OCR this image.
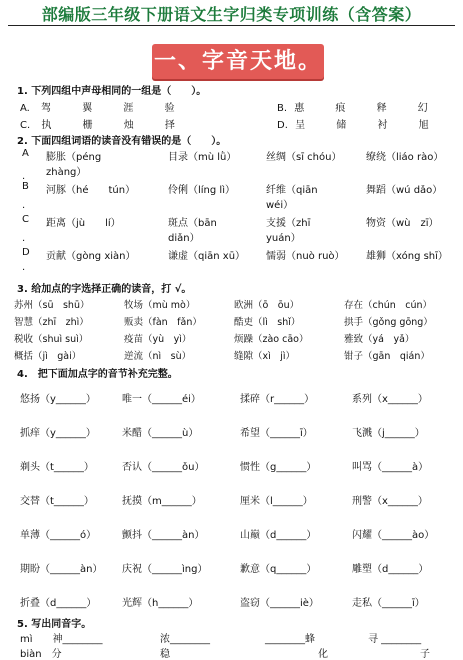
部编版三年级下册语文生字归类专项训练（含答案）
一、字音天地。
1. 下列四组中声母相同的一组是（　　）。
A. 驾	翼	涯	验	B. 惠	痕	释	幻
C. 执	栅	烛	择	D. 呈	储	衬	旭
2. 下面四组词语的读音没有错误的是（　　）。
A 膨胀（péng	目录（mù lǜ）	丝绸（sī chóu） 缭绕（liáo rào）
zhàng）
.
B 河豚（hé　　tún）	伶俐（líng lì）	纤维（qiān	舞蹈（wú dǎo）
wéi）
.
C 距离（jù　　lí）	斑点（bān	支援（zhī	物资（wù　zī）
diǎn）	yuán）
.
D 贡献（gòng xiàn）	谦虚（qiān xū） 懦弱（nuò ruò） 雄狮（xóng shī）
.
3. 给加点的字选择正确的读音，打 √。
苏州（sū　shū）	牧场（mù mò）	欧洲（ō　ōu）	存在（chún　cún）
智慧（zhī　zhì）	贩卖（fàn　fǎn）	酷吏（lì　shǐ）	拱手（gǒng gōng）
税收（shuì suì）	疫苗（yù　yì）	烦躁（zào cāo）	雅致（yá　yǎ）
概括（jì　gài）	逆流（nì　sù）	缝隙（xì　jì）	钳子（gān　qián）
4.　把下面加点字的音节补充完整。
悠扬（y______）	唯一（______éi）	揉碎（r______）	系列（x______）
抓痒（y______）	米醋（______ù）	希望（______ī）	飞溅（j______）
剃头（t______）	否认（______ǒu）	惯性（g______）	叫骂（______à）
交替（t______）	抚摸（m______）	厘米（l______）	刑警（x______）
单薄（______ó）	颤抖（______àn）	山巅（d______）	闪耀（______ào）
期盼（______àn） 庆祝（______ìng）	歉意（q______）	雕塑（d______）
折叠（d______）	光辉（h______）	盗窃（______iè）	走私（______ī）
5. 写出同音字。
mì　　神________	浓________	________蜂	寻 ________
biàn　分	稳	化	子
